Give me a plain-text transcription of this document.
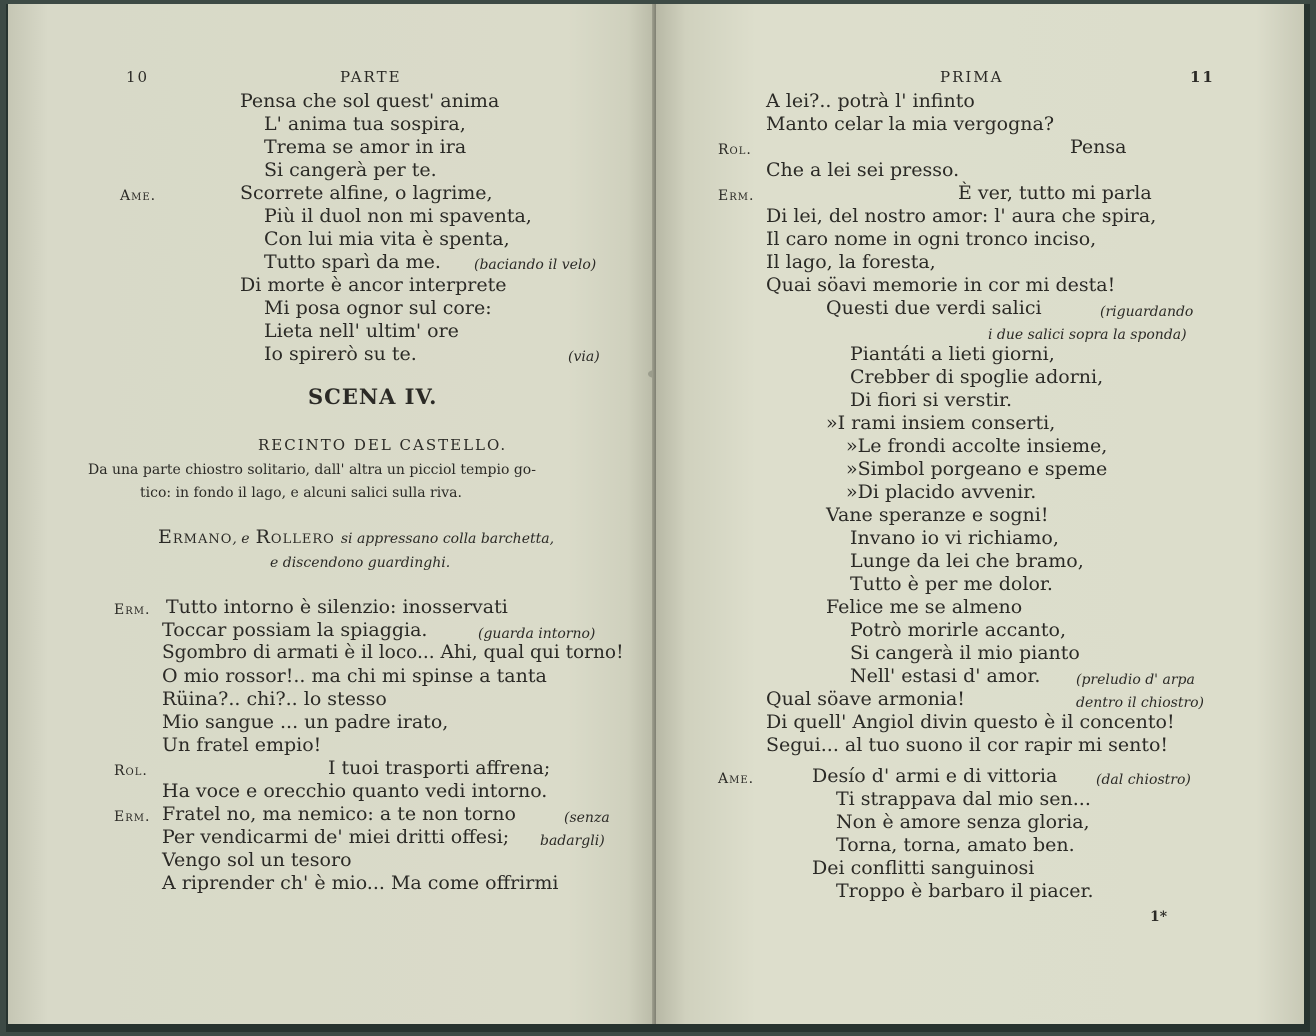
10	PARTE
Pensa che sol quest' anima
L' anima tua sospira,
Trema se amor in ira
Si cangerà per te.
Ame.	Scorrete alfine, o lagrime,
Più il duol non mi spaventa,
Con lui mia vita è spenta,
Tutto sparì da me. (baciando il velo)
Di morte è ancor interprete
Mi posa ognor sul core:
Lieta nell' ultim' ore
Io spirerò su te.	(via)
SCENA IV.
RECINTO DEL CASTELLO.
Da una parte chiostro solitario, dall' altra un picciol tempio go-
tico: in fondo il lago, e alcuni salici sulla riva.
Ermano, e Rollero si appressano colla barchetta,
e discendono guardinghi.
Erm. Tutto intorno è silenzio: inosservati
Toccar possiam la spiaggia.	(guarda intorno)
Sgombro di armati è il loco... Ahi, qual qui torno!
O mio rossor!.. ma chi mi spinse a tanta
Rüina?.. chi?.. lo stesso
Mio sangue ... un padre irato,
Un fratel empio!
Rol.	I tuoi trasporti affrena;
Ha voce e orecchio quanto vedi intorno.
Erm. Fratel no, ma nemico: a te non torno	(senza
Per vendicarmi de' miei dritti offesi; badargli)
Vengo sol un tesoro
A riprender ch' è mio... Ma come offrirmi
PRIMA	11
A lei?.. potrà l' infinto
Manto celar la mia vergogna?
Rol.	Pensa
Che a lei sei presso.
Erm.	È ver, tutto mi parla
Di lei, del nostro amor: l' aura che spira,
Il caro nome in ogni tronco inciso,
Il lago, la foresta,
Quai söavi memorie in cor mi desta!
Questi due verdi salici	(riguardando
i due salici sopra la sponda)
Piantáti a lieti giorni,
Crebber di spoglie adorni,
Di fiori si verstir.
»I rami insiem conserti,
»Le frondi accolte insieme,
»Simbol porgeano e speme
»Di placido avvenir.
Vane speranze e sogni!
Invano io vi richiamo,
Lunge da lei che bramo,
Tutto è per me dolor.
Felice me se almeno
Potrò morirle accanto,
Si cangerà il mio pianto
Nell' estasi d' amor.	(preludio d' arpa
Qual söave armonia!	dentro il chiostro)
Di quell' Angiol divin questo è il concento!
Segui... al tuo suono il cor rapir mi sento!
Ame.	Desío d' armi e di vittoria	(dal chiostro)
Ti strappava dal mio sen...
Non è amore senza gloria,
Torna, torna, amato ben.
Dei conflitti sanguinosi
Troppo è barbaro il piacer.
1*
